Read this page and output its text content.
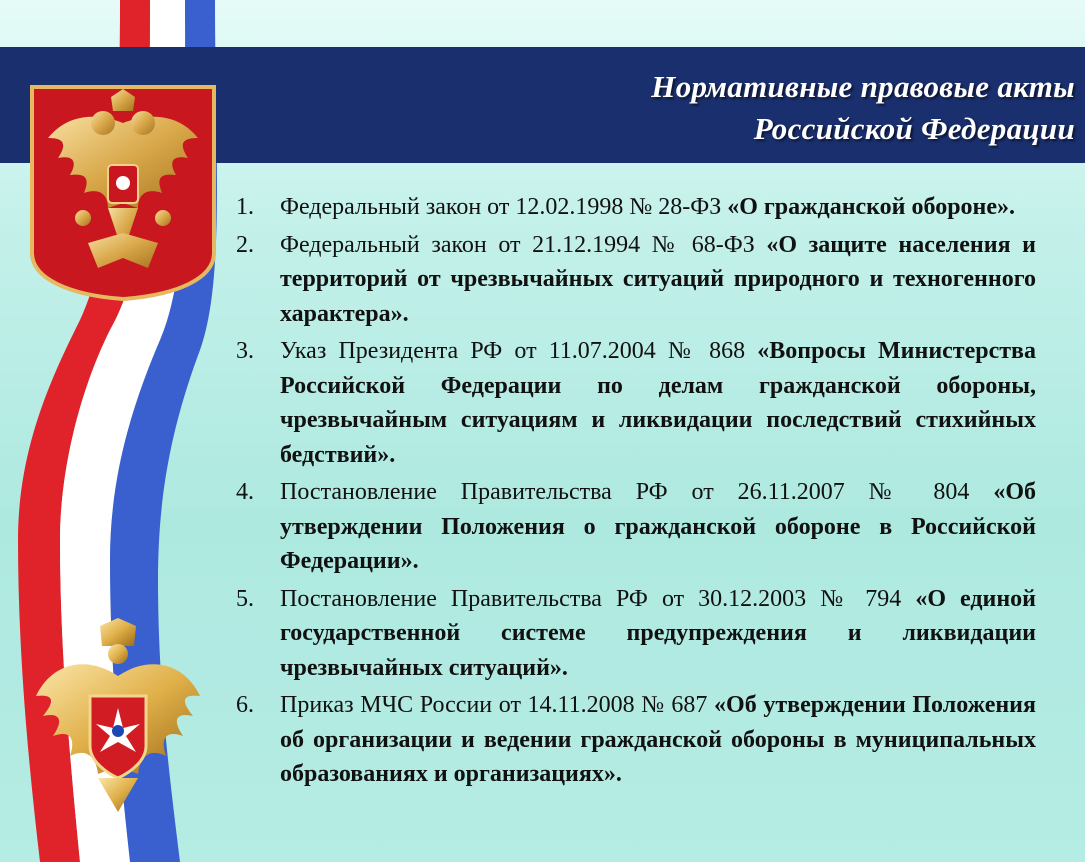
Нормативные правовые акты
Российской Федерации
1. Федеральный закон от 12.02.1998 № 28-ФЗ «О гражданской обороне».
2. Федеральный закон от 21.12.1994 № 68-ФЗ «О защите населения и территорий от чрезвычайных ситуаций природного и техногенного характера».
3. Указ Президента РФ от 11.07.2004 № 868 «Вопросы Министерства Российской Федерации по делам гражданской обороны, чрезвычайным ситуациям и ликвидации последствий стихийных бедствий».
4. Постановление Правительства РФ от 26.11.2007 № 804 «Об утверждении Положения о гражданской обороне в Российской Федерации».
5. Постановление Правительства РФ от 30.12.2003 № 794 «О единой государственной системе предупреждения и ликвидации чрезвычайных ситуаций».
6. Приказ МЧС России от 14.11.2008 № 687 «Об утверждении Положения об организации и ведении гражданской обороны в муниципальных образованиях и организациях».
